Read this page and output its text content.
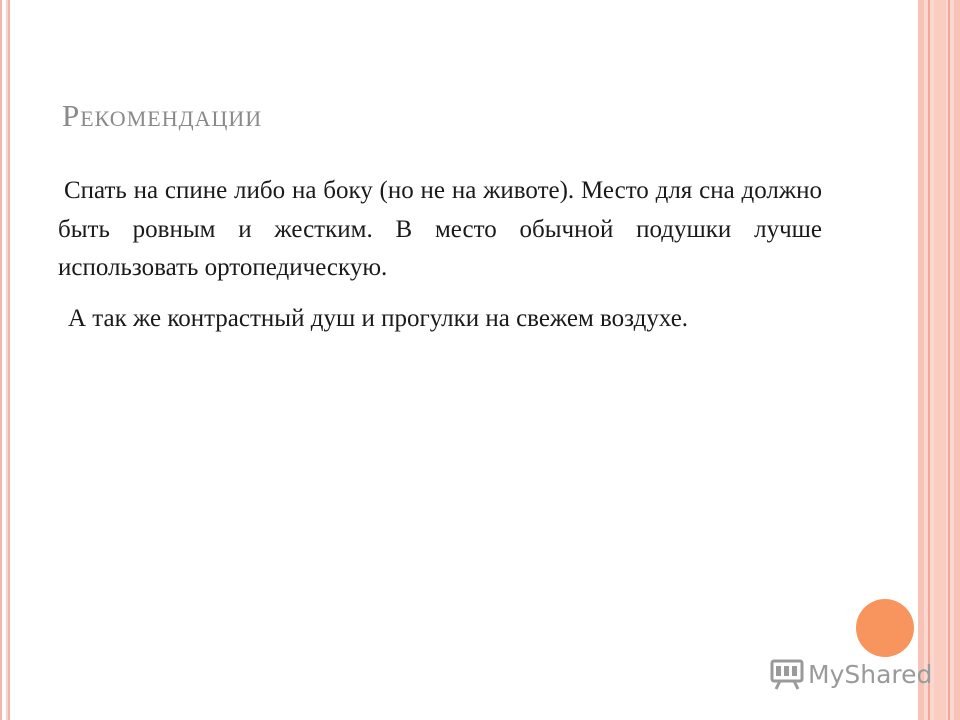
Рекомендации

Спать на спине либо на боку (но не на животе). Место для сна должно быть ровным и жестким. В место обычной подушки лучше использовать ортопедическую.

А так же контрастный душ и прогулки на свежем воздухе.

MyShared
